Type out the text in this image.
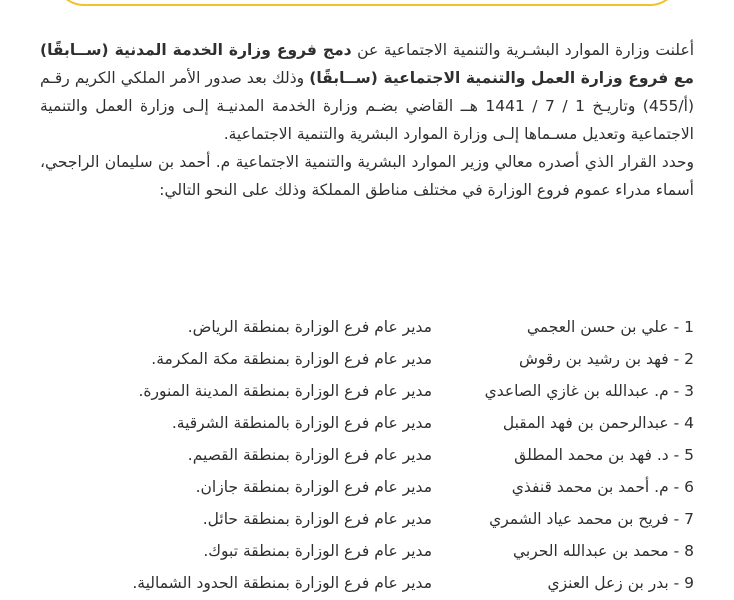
أعلنت وزارة الموارد البشـرية والتنمية الاجتماعية عن دمج فروع وزارة الخدمة المدنية (ســابقًا) مع فروع وزارة العمل والتنمية الاجتماعية (ســابقًا) وذلك بعد صدور الأمر الملكي الكريم رقـم (أ/455) وتاريـخ 1 / 7 / 1441 هــ القاضي بضـم وزارة الخدمة المدنيـة إلـى وزارة العمل والتنمية الاجتماعية وتعديل مسـماها إلـى وزارة الموارد البشرية والتنمية الاجتماعية.

وحدد القرار الذي أصدره معالي وزير الموارد البشرية والتنمية الاجتماعية م. أحمد بن سليمان الراجحي، أسماء مدراء عموم فروع الوزارة في مختلف مناطق المملكة وذلك على النحو التالي:

1 - علي بن حسن العجمي
مدير عام فرع الوزارة بمنطقة الرياض.
2 - فهد بن رشيد بن رقوش
مدير عام فرع الوزارة بمنطقة مكة المكرمة.
3 - م. عبدالله بن غازي الصاعدي
مدير عام فرع الوزارة بمنطقة المدينة المنورة.
4 - عبدالرحمن بن فهد المقبل
مدير عام فرع الوزارة بالمنطقة الشرقية.
5 - د. فهد بن محمد المطلق
مدير عام فرع الوزارة بمنطقة القصيم.
6 - م. أحمد بن محمد قنفذي
مدير عام فرع الوزارة بمنطقة جازان.
7 - فريح بن محمد عياد الشمري
مدير عام فرع الوزارة بمنطقة حائل.
8 - محمد بن عبدالله الحربي
مدير عام فرع الوزارة بمنطقة تبوك.
9 - بدر بن زعل العنزي
مدير عام فرع الوزارة بمنطقة الحدود الشمالية.
